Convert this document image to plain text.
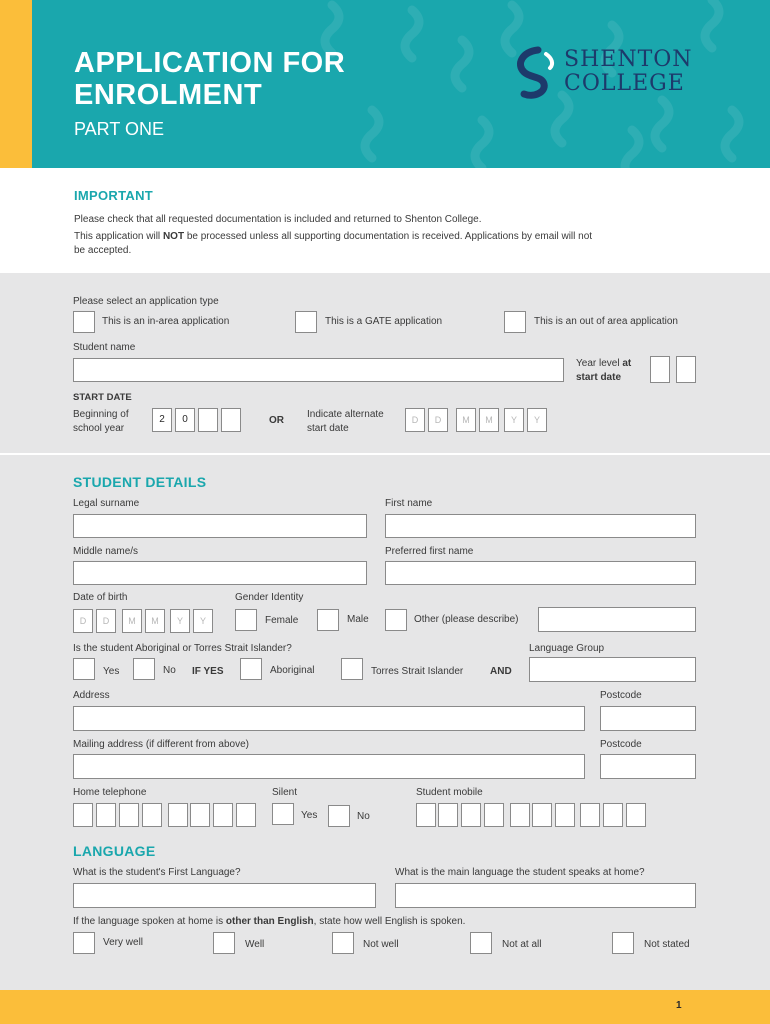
APPLICATION FOR
ENROLMENT
PART ONE
SHENTON
COLLEGE
IMPORTANT
Please check that all requested documentation is included and returned to Shenton College.
This application will NOT be processed unless all supporting documentation is received. Applications by email will not
be accepted.
Please select an application type
This is an in-area application	This is a GATE application	This is an out of area application
Student name
Year level at
start date
START DATE
Beginning of
school year
2	0	OR
Indicate alternate
start date
D	D	M	M	Y	Y
STUDENT DETAILS
Legal surname	First name
Middle name/s	Preferred first name
Date of birth
D	D	M	M	Y	Y
Gender Identity
Female	Male	Other (please describe)
Is the student Aboriginal or Torres Strait Islander?
Yes	No IF YES	Aboriginal	Torres Strait Islander	AND
Language Group
Address	Postcode
Mailing address (if different from above)	Postcode
Home telephone	Silent
Yes	No
Student mobile
LANGUAGE
What is the student's First Language?	What is the main language the student speaks at home?
If the language spoken at home is other than English, state how well English is spoken.
Very well	Well	Not well	Not at all	Not stated
1
